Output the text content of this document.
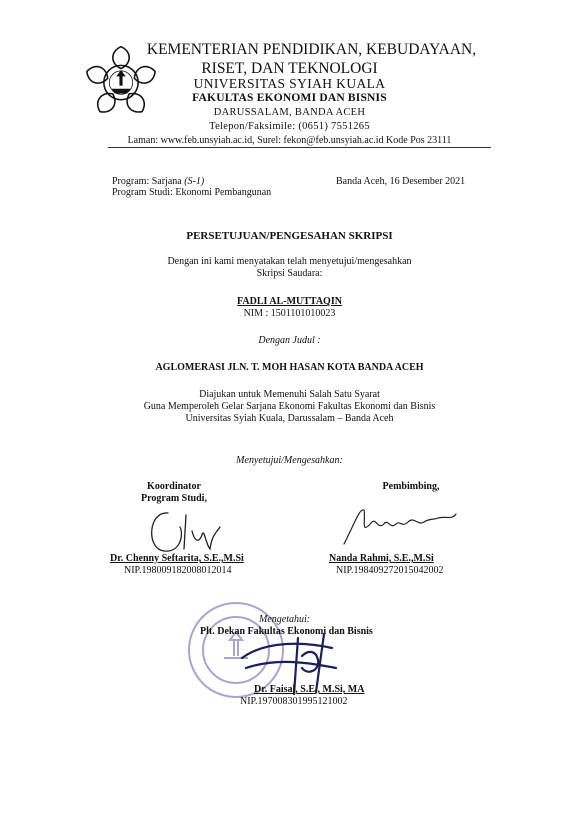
KEMENTERIAN PENDIDIKAN, KEBUDAYAAN,
RISET, DAN TEKNOLOGI
UNIVERSITAS SYIAH KUALA
FAKULTAS EKONOMI DAN BISNIS
DARUSSALAM, BANDA ACEH
Telepon/Faksimile: (0651) 7551265
Laman: www.feb.unsyiah.ac.id, Surel: fekon@feb.unsyiah.ac.id Kode Pos 23111
Program: Sarjana (S-1)
Program Studi: Ekonomi Pembangunan
Banda Aceh, 16 Desember 2021
PERSETUJUAN/PENGESAHAN SKRIPSI
Dengan ini kami menyatakan telah menyetujui/mengesahkan
Skripsi Saudara:
FADLI AL-MUTTAQIN
NIM : 1501101010023
Dengan Judul :
AGLOMERASI JLN. T. MOH HASAN KOTA BANDA ACEH
Diajukan untuk Memenuhi Salah Satu Syarat
Guna Memperoleh Gelar Sarjana Ekonomi Fakultas Ekonomi dan Bisnis
Universitas Syiah Kuala, Darussalam – Banda Aceh
Menyetujui/Mengesahkan:
Koordinator
Program Studi,
Dr. Chenny Seftarita, S.E.,M.Si
NIP.198009182008012014
Pembimbing,
Nanda Rahmi, S.E.,M.Si
NIP.198409272015042002
Mengetahui:
Plt. Dekan Fakultas Ekonomi dan Bisnis
Dr. Faisal, S.E., M.Si, MA
NIP.197008301995121002
